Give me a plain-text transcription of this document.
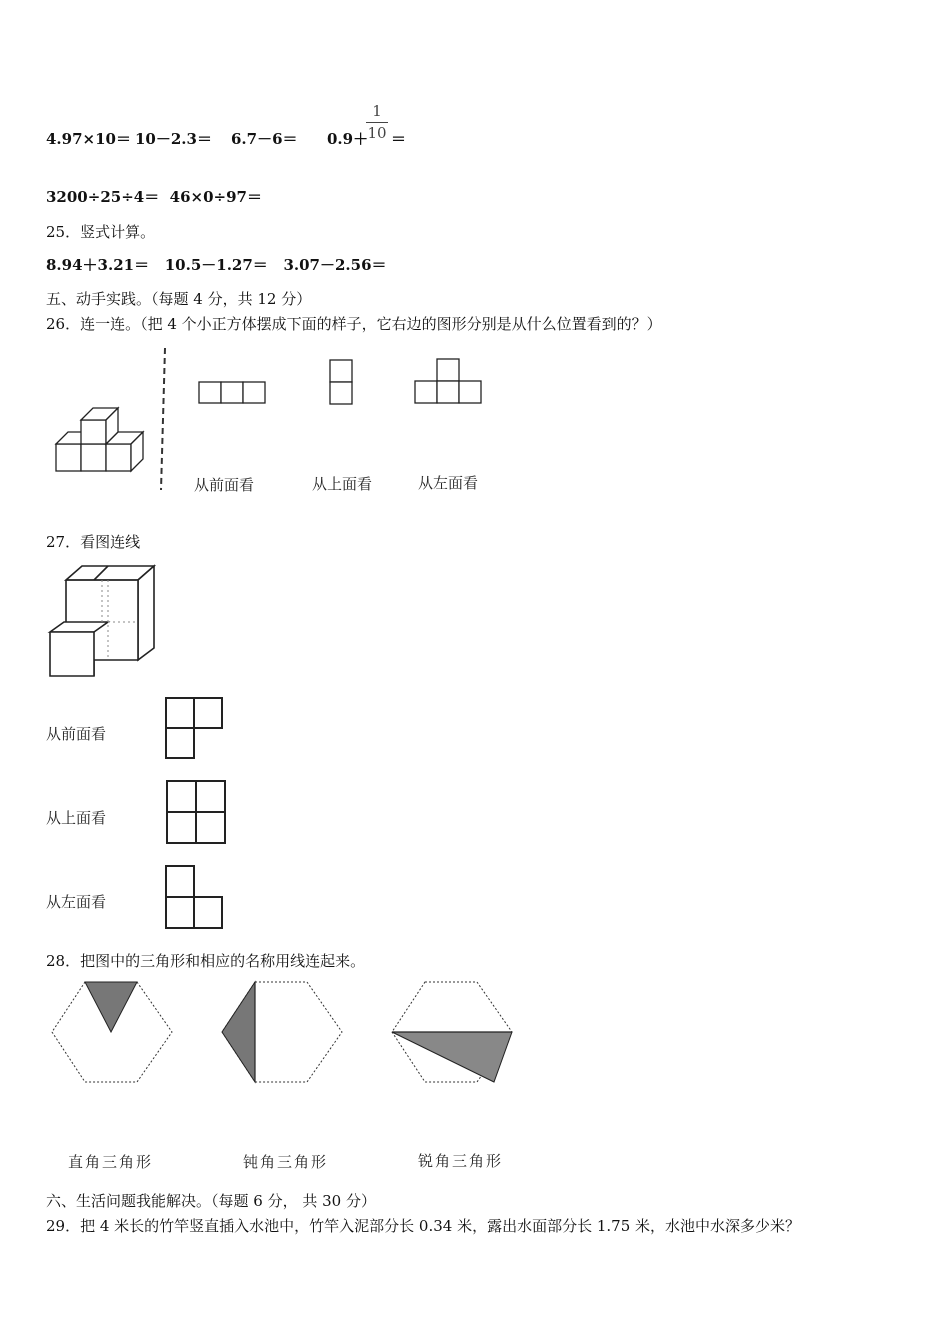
4.97×10＝ 10－2.3＝ 6.7－6＝ 0.9＋
1
10 ＝
3200÷25÷4＝  46×0÷97＝
25．竖式计算。
8.94＋3.21＝   10.5－1.27＝   3.07－2.56＝
五、动手实践。（每题 4 分，共 12 分）
26．连一连。（把 4 个小正方体摆成下面的样子，它右边的图形分别是从什么位置看到的？）
从前面看	从上面看	从左面看
27．看图连线
从前面看
从上面看
从左面看
28．把图中的三角形和相应的名称用线连起来。
直角三角形	钝角三角形	锐角三角形
六、生活问题我能解决。（每题 6 分， 共 30 分）
29．把 4 米长的竹竿竖直插入水池中，竹竿入泥部分长 0.34 米，露出水面部分长 1.75 米，水池中水深多少米？
